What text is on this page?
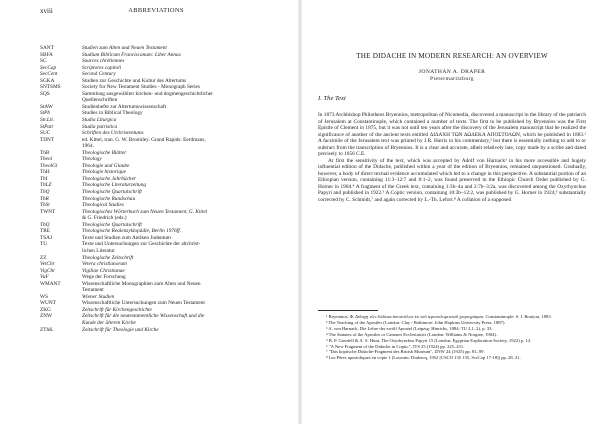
xviii	ABBREVIATIONS
SANT	Studien zum Alten und Neuen Testament
SBFA	Studium Biblicum Franciscanum: Liber Annus
SC	Sources chrétiennes
SecCap	Scriptores capitoli
SecCent	Second Century
SGKA	Studien zur Geschichte und Kultur des Altertums
SNTSMS	Society for New Testament Studies - Monograph Series
SQS	Sammlung ausgewählter kirchen- und dogmengeschichtlicher
Quellenschriften
StAW	Studienhefte zur Altertumswissenschaft
StPb	Studies in Biblical Theology
Str.Lit.	Studia Liturgica
StPatr	Studia patristica
SUC	Schriften des Urchristentums
TDNT	ed. Kittel, tran. G. W. Bromiley. Grand Rapids: Eerdmans,
1964.
ThB	Theologische Blätter
Theol	Theology
TheolGl	Theologie und Glaube
ThH	Théologie historique
ThI	Theologische Jahrbücher
ThLZ	Theologische Literaturzeitung
ThQ	Theologische Quartalschrift
ThR	Theologische Rundschau
ThSt	Theological Studies
TWNT	Theologisches Wörterbuch zum Neuen Testament, G. Kittel
& G. Friedrich (eds.)
ThQ	Theologische Quartalschrift
TRE	Theologische Realenzyklopädie, Berlin 1976ff.
TSAJ	Texte und Studien zum Antiken Judentum
TU	Texte und Untersuchungen zur Geschichte der altchrist-
lichen Literatur
ZZ	Theologische Zeitschrift
VetChr	Vetera christianorum
VigChr	Vigiliae Christianae
VuF	Wege der Forschung
WMANT	Wissenschaftliche Monographien zum Alten und Neuen
Testament
WS	Wiener Studien
WUNT	Wissenschaftliche Untersuchungen zum Neuen Testament
ZKG	Zeitschrift für Kirchengeschichte
ZNW	Zeitschrift für die neutestamentliche Wissenschaft und die
Kunde der älteren Kirche
ZThK	Zeitschrift für Theologie und Kirche
THE DIDACHE IN MODERN RESEARCH: AN OVERVIEW
JONATHAN A. DRAPER
Pietermaritzburg
I. The Text

In 1873 Archbishop Philotheos Bryennios, metropolitan of Nicomedia, discovered a manuscript in the library of the patriarch of Jerusalem at Constantinople, which contained a number of texts. The first to be published by Bryennios was the First Epistle of Clement in 1875, but it was not until ten years after the discovery of the Jerusalem manuscript that he realized the significance of another of the ancient texts entitled ΔΙΔΑΧΗ ΤΩΝ ΔΩΔΕΚΑ ΑΠΟΣΤΟΛΩΝ, which he published in 1883.¹ A facsimile of the Jerusalem text was printed by J.R. Harris in his commentary,² but there is essentially nothing to add to or subtract from the transcription of Bryennios. It is a clear and accurate, albeit relatively late, copy made by a scribe and dated precisely to 1056 C.E.

At first the sensitivity of the text, which was accepted by Adolf von Harnack³ in his more accessible and hugely influential edition of the Didache, published within a year of the edition of Bryennios, remained unquestioned. Gradually, however, a body of direct textual evidence accumulated which led to a change in this perspective. A substantial portion of an Ethiopian version, containing 11:3–12:7 and 8:1–2, was found preserved in the Ethiopic Church Order published by G. Horner in 1904.⁴ A fragment of the Greek text, containing 1:3b–4a and 2:7b–3:2a, was discovered among the Oxyrhynchus Papyri and published in 1922.⁵ A Coptic version, containing 10:3b–12:2, was published by G. Horner in 1924,⁶ substantially corrected by C. Schmidt,⁷ and again corrected by L.-Th. Lefort.⁸ A collation of a supposed

¹ Bryennios, Φ. Διδαχὴ τῶν δώδεκα ἀποστόλων ἐκ τοῦ ἱεροσολυμιτικοῦ χειρογράφου. Constantinople: S. I. Boutyra, 1883.
² The Teaching of the Apostles (London: Clay / Baltimore: John Hopkins University Press, 1887).
³ A. von Harnack, Die Lehre der zwölf Apostel (Leipzig: Hinrichs, 1884; TU 2,1–2), p. 33.
⁴ The Statutes of the Apostles or Canones Ecclesiastici (London: Williams & Norgate, 1904).
⁵ B. P. Grenfell & A. S. Hunt, The Oxyrhynchus Papyri 15 (London: Egyptian Exploration Society, 1922) p. 14.
⁶ "A New Fragment of the Didache in Coptic", JTS 25 (1924) pp. 225–231.
⁷ "Das koptische Didache-Fragment des British Museum", ZNW 24 (1925) pp. 81–99.
⁸ Les Pères apostoliques en copte 1 (Louvain: Durbecq, 1952 [CSCO 135 135, ScrCop 17-18]) pp. 28–31.
